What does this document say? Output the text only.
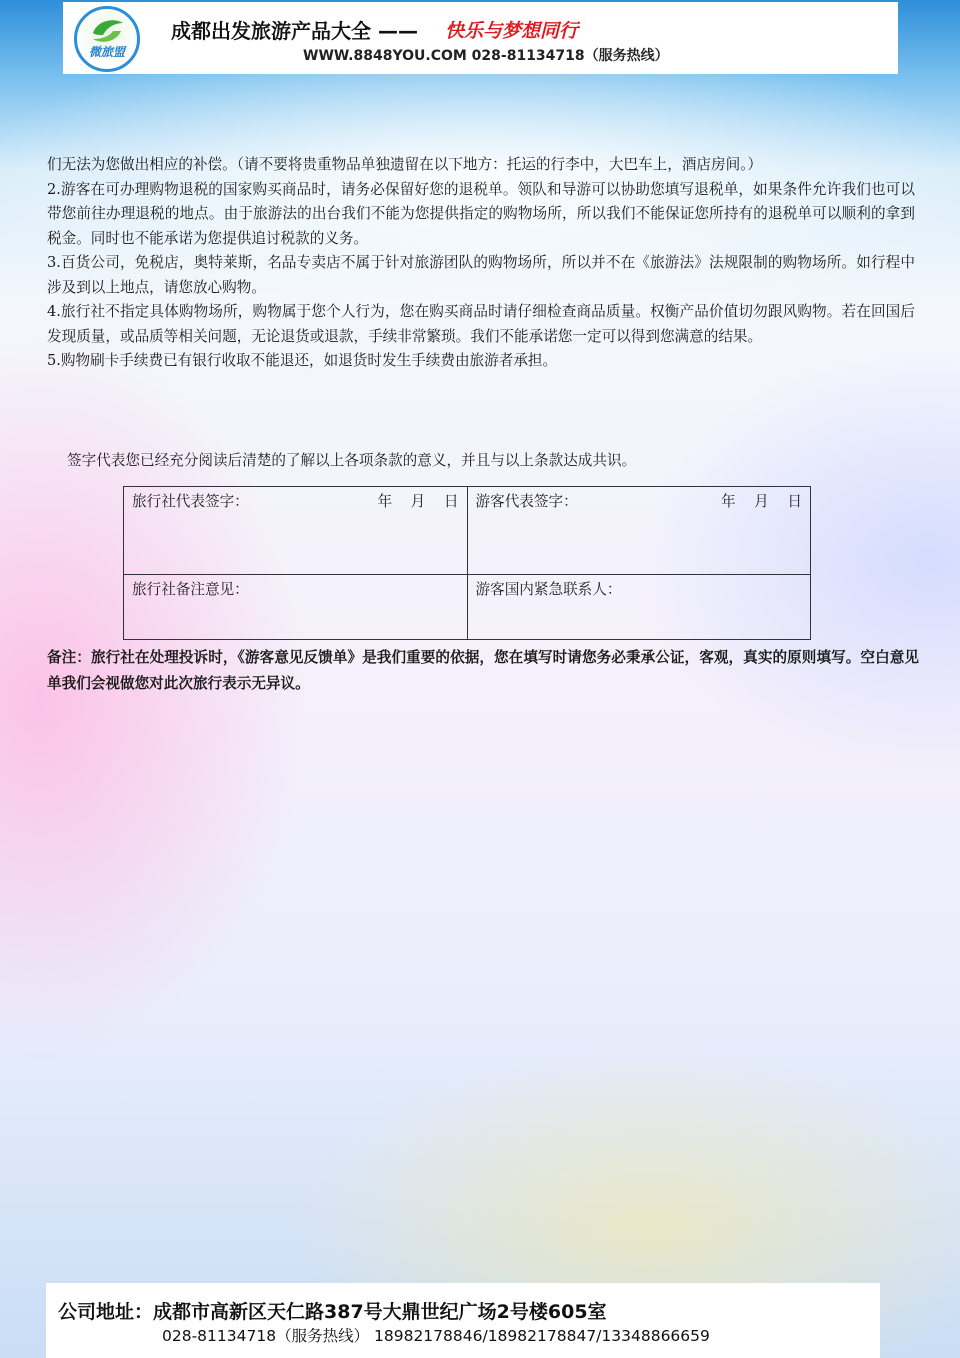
微旅盟
成都出发旅游产品大全 —— 快乐与梦想同行
WWW.8848YOU.COM 028-81134718（服务热线）

们无法为您做出相应的补偿。（请不要将贵重物品单独遗留在以下地方：托运的行李中，大巴车上，酒店房间。）

2.游客在可办理购物退税的国家购买商品时，请务必保留好您的退税单。领队和导游可以协助您填写退税单，如果条件允许我们也可以带您前往办理退税的地点。由于旅游法的出台我们不能为您提供指定的购物场所，所以我们不能保证您所持有的退税单可以顺利的拿到税金。同时也不能承诺为您提供追讨税款的义务。

3.百货公司，免税店，奥特莱斯，名品专卖店不属于针对旅游团队的购物场所，所以并不在《旅游法》法规限制的购物场所。如行程中涉及到以上地点，请您放心购物。

4.旅行社不指定具体购物场所，购物属于您个人行为，您在购买商品时请仔细检查商品质量。权衡产品价值切勿跟风购物。若在回国后发现质量，或品质等相关问题，无论退货或退款，手续非常繁琐。我们不能承诺您一定可以得到您满意的结果。

5.购物刷卡手续费已有银行收取不能退还，如退货时发生手续费由旅游者承担。

签字代表您已经充分阅读后清楚的了解以上各项条款的意义，并且与以上条款达成共识。
旅行社代表签字： 年 月 日	游客代表签字： 年 月 日

旅行社备注意见：	游客国内紧急联系人：
备注：旅行社在处理投诉时，《游客意见反馈单》是我们重要的依据，您在填写时请您务必秉承公证，客观，真实的原则填写。空白意见单我们会视做您对此次旅行表示无异议。
公司地址：成都市高新区天仁路387号大鼎世纪广场2号楼605室
028-81134718（服务热线） 18982178846/18982178847/13348866659
